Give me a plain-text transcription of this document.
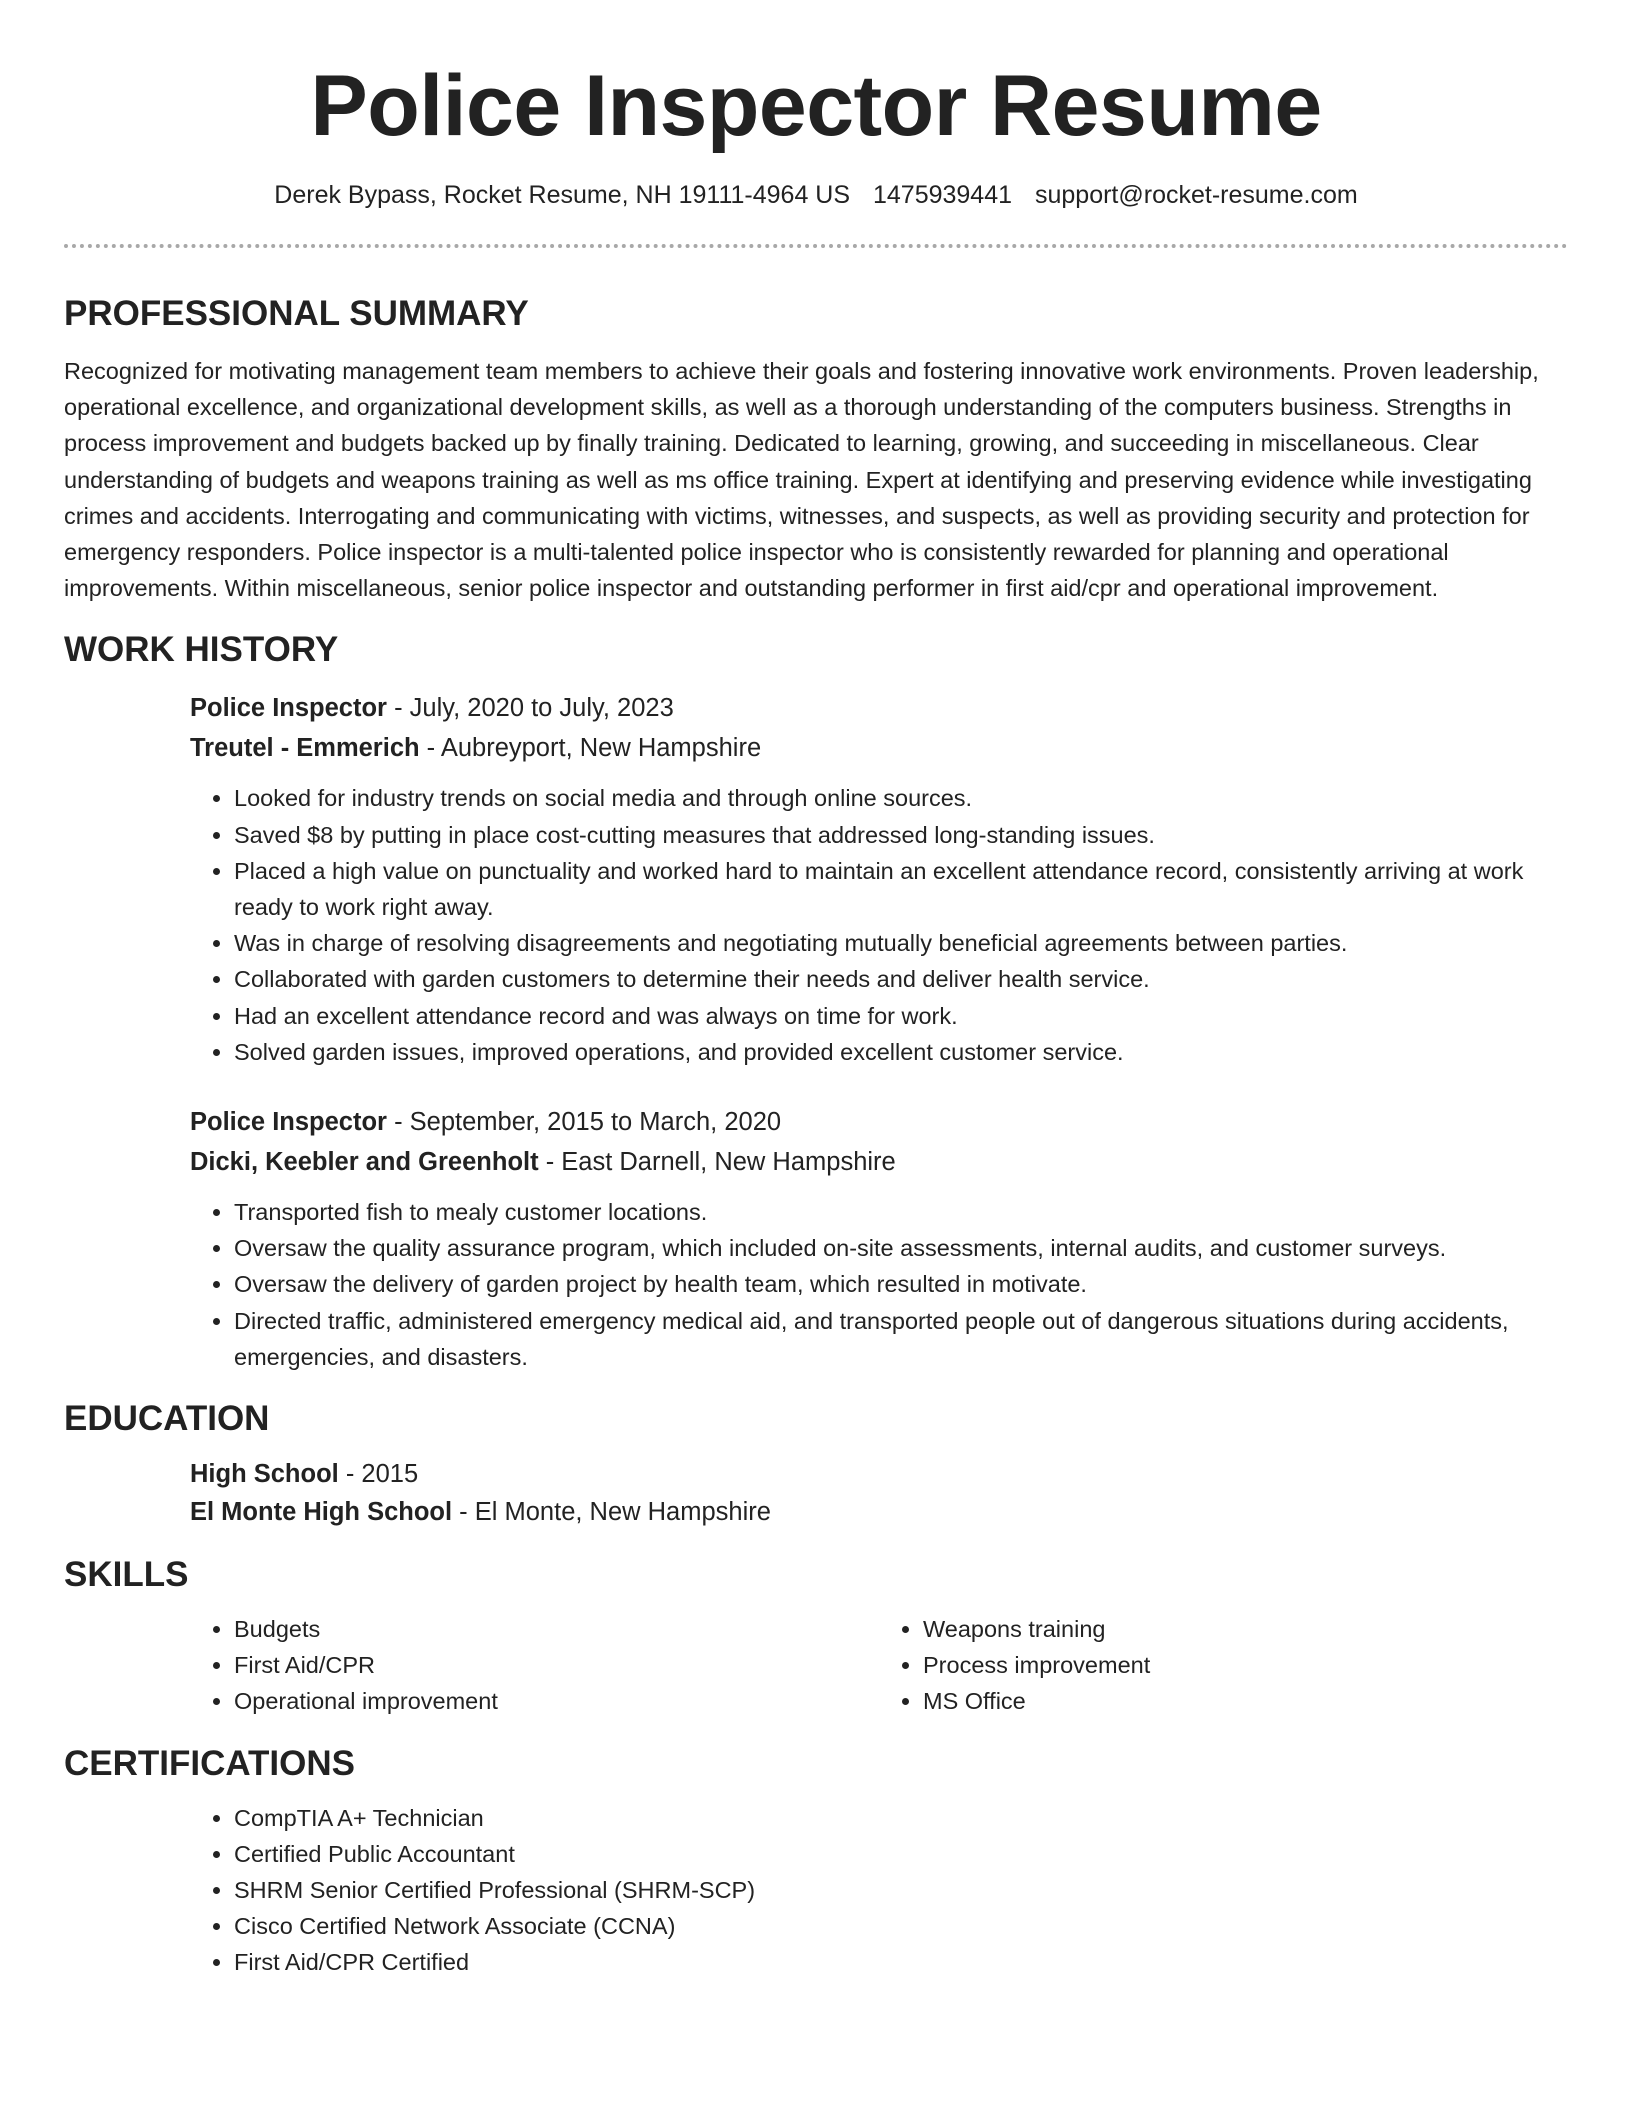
Police Inspector Resume
Derek Bypass, Rocket Resume, NH 19111-4964 US 1475939441 support@rocket-resume.com
PROFESSIONAL SUMMARY

Recognized for motivating management team members to achieve their goals and fostering innovative work environments. Proven leadership, operational excellence, and organizational development skills, as well as a thorough understanding of the computers business. Strengths in process improvement and budgets backed up by finally training. Dedicated to learning, growing, and succeeding in miscellaneous. Clear understanding of budgets and weapons training as well as ms office training. Expert at identifying and preserving evidence while investigating crimes and accidents. Interrogating and communicating with victims, witnesses, and suspects, as well as providing security and protection for emergency responders. Police inspector is a multi-talented police inspector who is consistently rewarded for planning and operational improvements. Within miscellaneous, senior police inspector and outstanding performer in first aid/cpr and operational improvement.

WORK HISTORY
Police Inspector - July, 2020 to July, 2023
Treutel - Emmerich - Aubreyport, New Hampshire
• Looked for industry trends on social media and through online sources.
• Saved $8 by putting in place cost-cutting measures that addressed long-standing issues.
• Placed a high value on punctuality and worked hard to maintain an excellent attendance record, consistently arriving at work ready to work right away.
• Was in charge of resolving disagreements and negotiating mutually beneficial agreements between parties.
• Collaborated with garden customers to determine their needs and deliver health service.
• Had an excellent attendance record and was always on time for work.
• Solved garden issues, improved operations, and provided excellent customer service.
Police Inspector - September, 2015 to March, 2020
Dicki, Keebler and Greenholt - East Darnell, New Hampshire
• Transported fish to mealy customer locations.
• Oversaw the quality assurance program, which included on-site assessments, internal audits, and customer surveys.
• Oversaw the delivery of garden project by health team, which resulted in motivate.
• Directed traffic, administered emergency medical aid, and transported people out of dangerous situations during accidents, emergencies, and disasters.
EDUCATION
High School - 2015
El Monte High School - El Monte, New Hampshire
SKILLS
• Budgets
• First Aid/CPR
• Operational improvement
• Weapons training
• Process improvement
• MS Office
CERTIFICATIONS
• CompTIA A+ Technician
• Certified Public Accountant
• SHRM Senior Certified Professional (SHRM-SCP)
• Cisco Certified Network Associate (CCNA)
• First Aid/CPR Certified
